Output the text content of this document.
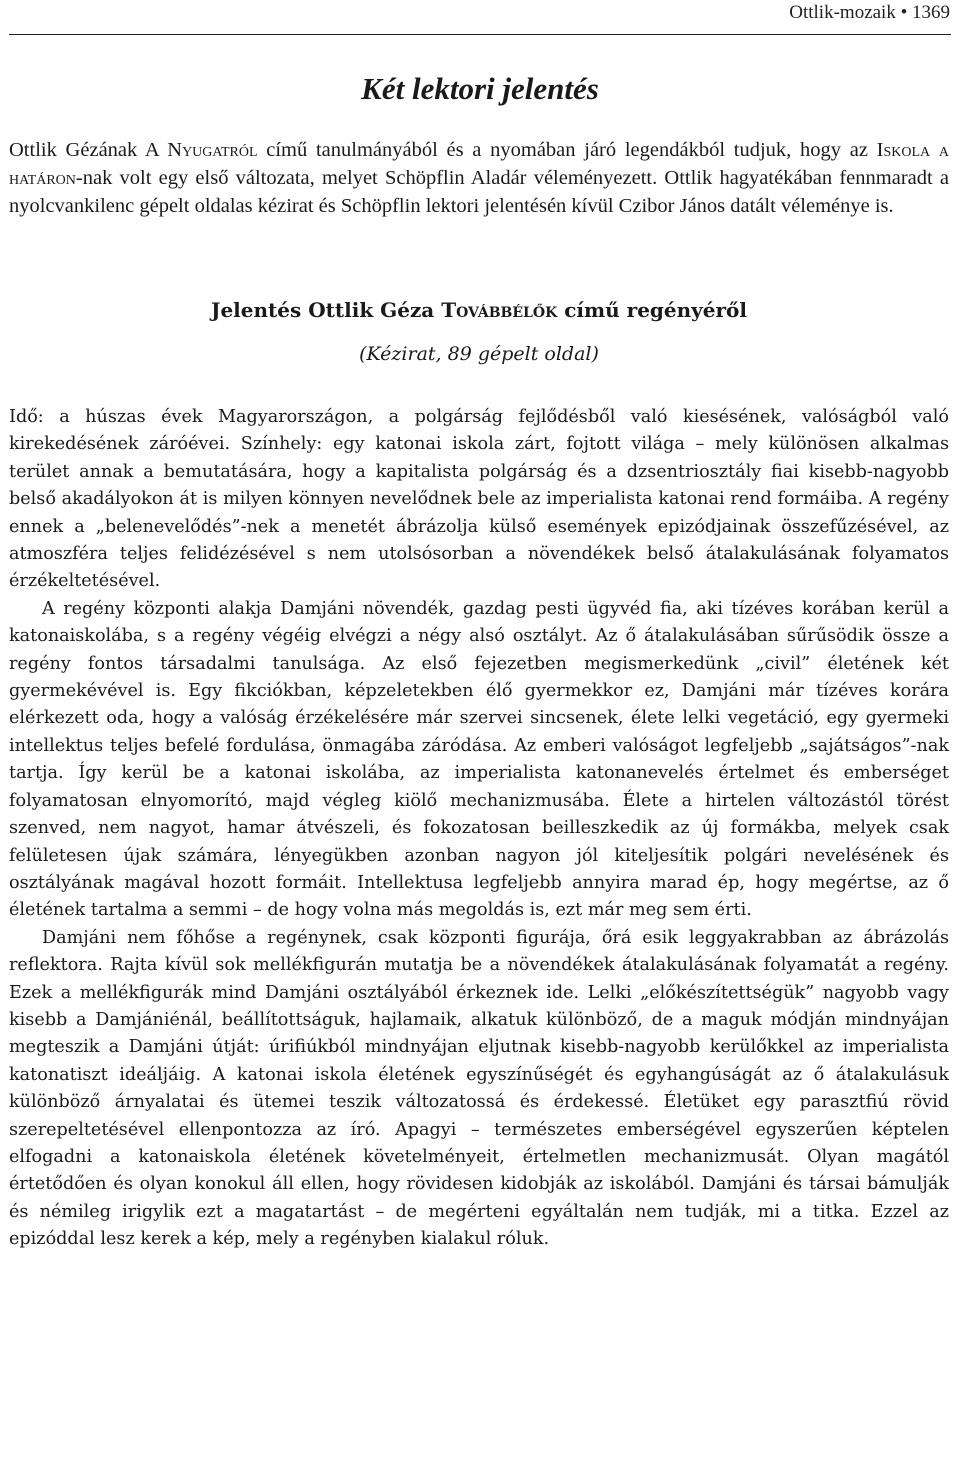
Ottlik-mozaik • 1369
Két lektori jelentés

Ottlik Gézának A Nyugatról című tanulmányából és a nyomában járó legendákból tudjuk, hogy az Iskola a határon-nak volt egy első változata, melyet Schöpflin Aladár véleményezett. Ottlik hagyatékában fennmaradt a nyolcvankilenc gépelt oldalas kézirat és Schöpflin lektori jelentésén kívül Czibor János datált véleménye is.

Jelentés Ottlik Géza Továbbélők című regényéről

(Kézirat, 89 gépelt oldal)

Idő: a húszas évek Magyarországon, a polgárság fejlődésből való kiesésének, valóságból való kirekedésének záróévei. Színhely: egy katonai iskola zárt, fojtott világa – mely különösen alkalmas terület annak a bemutatására, hogy a kapitalista polgárság és a dzsentriosztály fiai kisebb-nagyobb belső akadályokon át is milyen könnyen nevelődnek bele az imperialista katonai rend formáiba. A regény ennek a „belenevelődés”-nek a menetét ábrázolja külső események epizódjainak összefűzésével, az atmoszféra teljes felidézésével s nem utolsósorban a növendékek belső átalakulásának folyamatos érzékeltetésével.

A regény központi alakja Damjáni növendék, gazdag pesti ügyvéd fia, aki tízéves korában kerül a katonaiskolába, s a regény végéig elvégzi a négy alsó osztályt. Az ő átalakulásában sűrűsödik össze a regény fontos társadalmi tanulsága. Az első fejezetben megismerkedünk „civil” életének két gyermekévével is. Egy fikciókban, képzeletekben élő gyermekkor ez, Damjáni már tízéves korára elérkezett oda, hogy a valóság érzékelésére már szervei sincsenek, élete lelki vegetáció, egy gyermeki intellektus teljes befelé fordulása, önmagába záródása. Az emberi valóságot legfeljebb „sajátságos”-nak tartja. Így kerül be a katonai iskolába, az imperialista katonanevelés értelmet és emberséget folyamatosan elnyomorító, majd végleg kiölő mechanizmusába. Élete a hirtelen változástól törést szenved, nem nagyot, hamar átvészeli, és fokozatosan beilleszkedik az új formákba, melyek csak felületesen újak számára, lényegükben azonban nagyon jól kiteljesítik polgári nevelésének és osztályának magával hozott formáit. Intellektusa legfeljebb annyira marad ép, hogy megértse, az ő életének tartalma a semmi – de hogy volna más megoldás is, ezt már meg sem érti.

Damjáni nem főhőse a regénynek, csak központi figurája, őrá esik leggyakrabban az ábrázolás reflektora. Rajta kívül sok mellékfigurán mutatja be a növendékek átalakulásának folyamatát a regény. Ezek a mellékfigurák mind Damjáni osztályából érkeznek ide. Lelki „előkészítettségük” nagyobb vagy kisebb a Damjániénál, beállítottságuk, hajlamaik, alkatuk különböző, de a maguk módján mindnyájan megteszik a Damjáni útját: úrifiúkból mindnyájan eljutnak kisebb-nagyobb kerülőkkel az imperialista katonatiszt ideáljáig. A katonai iskola életének egyszínűségét és egyhangúságát az ő átalakulásuk különböző árnyalatai és ütemei teszik változatossá és érdekessé. Életüket egy parasztfiú rövid szerepeltetésével ellenpontozza az író. Apagyi – természetes emberségével egyszerűen képtelen elfogadni a katonaiskola életének követelményeit, értelmetlen mechanizmusát. Olyan magától értetődően és olyan konokul áll ellen, hogy rövidesen kidobják az iskolából. Damjáni és társai bámulják és némileg irigylik ezt a magatartást – de megérteni egyáltalán nem tudják, mi a titka. Ezzel az epizóddal lesz kerek a kép, mely a regényben kialakul róluk.
